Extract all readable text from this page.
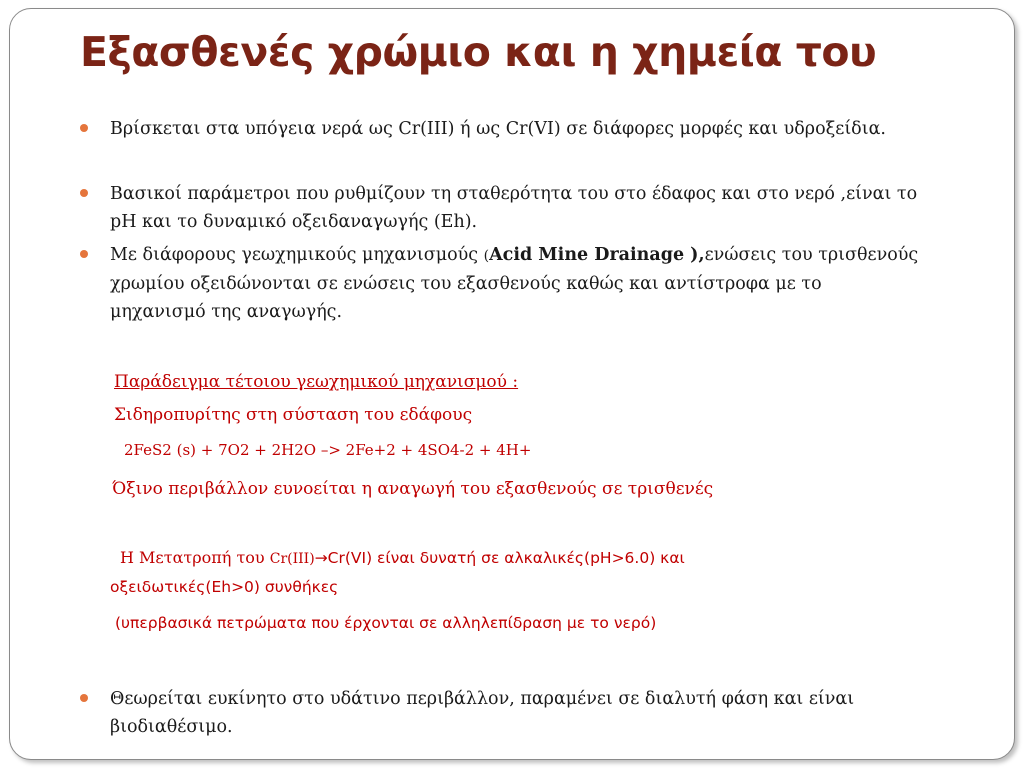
Εξασθενές χρώμιο και η χημεία του
Βρίσκεται στα υπόγεια νερά ως Cr(III) ή ως Cr(VI) σε διάφορες μορφές και υδροξείδια.
Βασικοί παράμετροι που ρυθμίζουν τη σταθερότητα του στο έδαφος και στο νερό ,είναι το pH και το δυναμικό οξειδαναγωγής (Eh).
Με διάφορους γεωχημικούς μηχανισμούς (Acid Mine Drainage ),ενώσεις του τρισθενούς χρωμίου οξειδώνονται σε ενώσεις του εξασθενούς καθώς και αντίστροφα με το μηχανισμό της αναγωγής.
Παράδειγμα τέτοιου γεωχημικού μηχανισμού :
Σιδηροπυρίτης στη σύσταση του εδάφους
2FeS2 (s) + 7O2 + 2H2O –> 2Fe+2 + 4SO4-2 + 4H+
Όξινο περιβάλλον ευνοείται η αναγωγή του εξασθενούς σε τρισθενές
Η Μετατροπή του Cr(III)→Cr(VI) είναι δυνατή σε αλκαλικές(pH>6.0) και
οξειδωτικές(Eh>0) συνθήκες
(υπερβασικά πετρώματα που έρχονται σε αλληλεπίδραση με το νερό)
Θεωρείται ευκίνητο στο υδάτινο περιβάλλον, παραμένει σε διαλυτή φάση και είναι βιοδιαθέσιμο.
